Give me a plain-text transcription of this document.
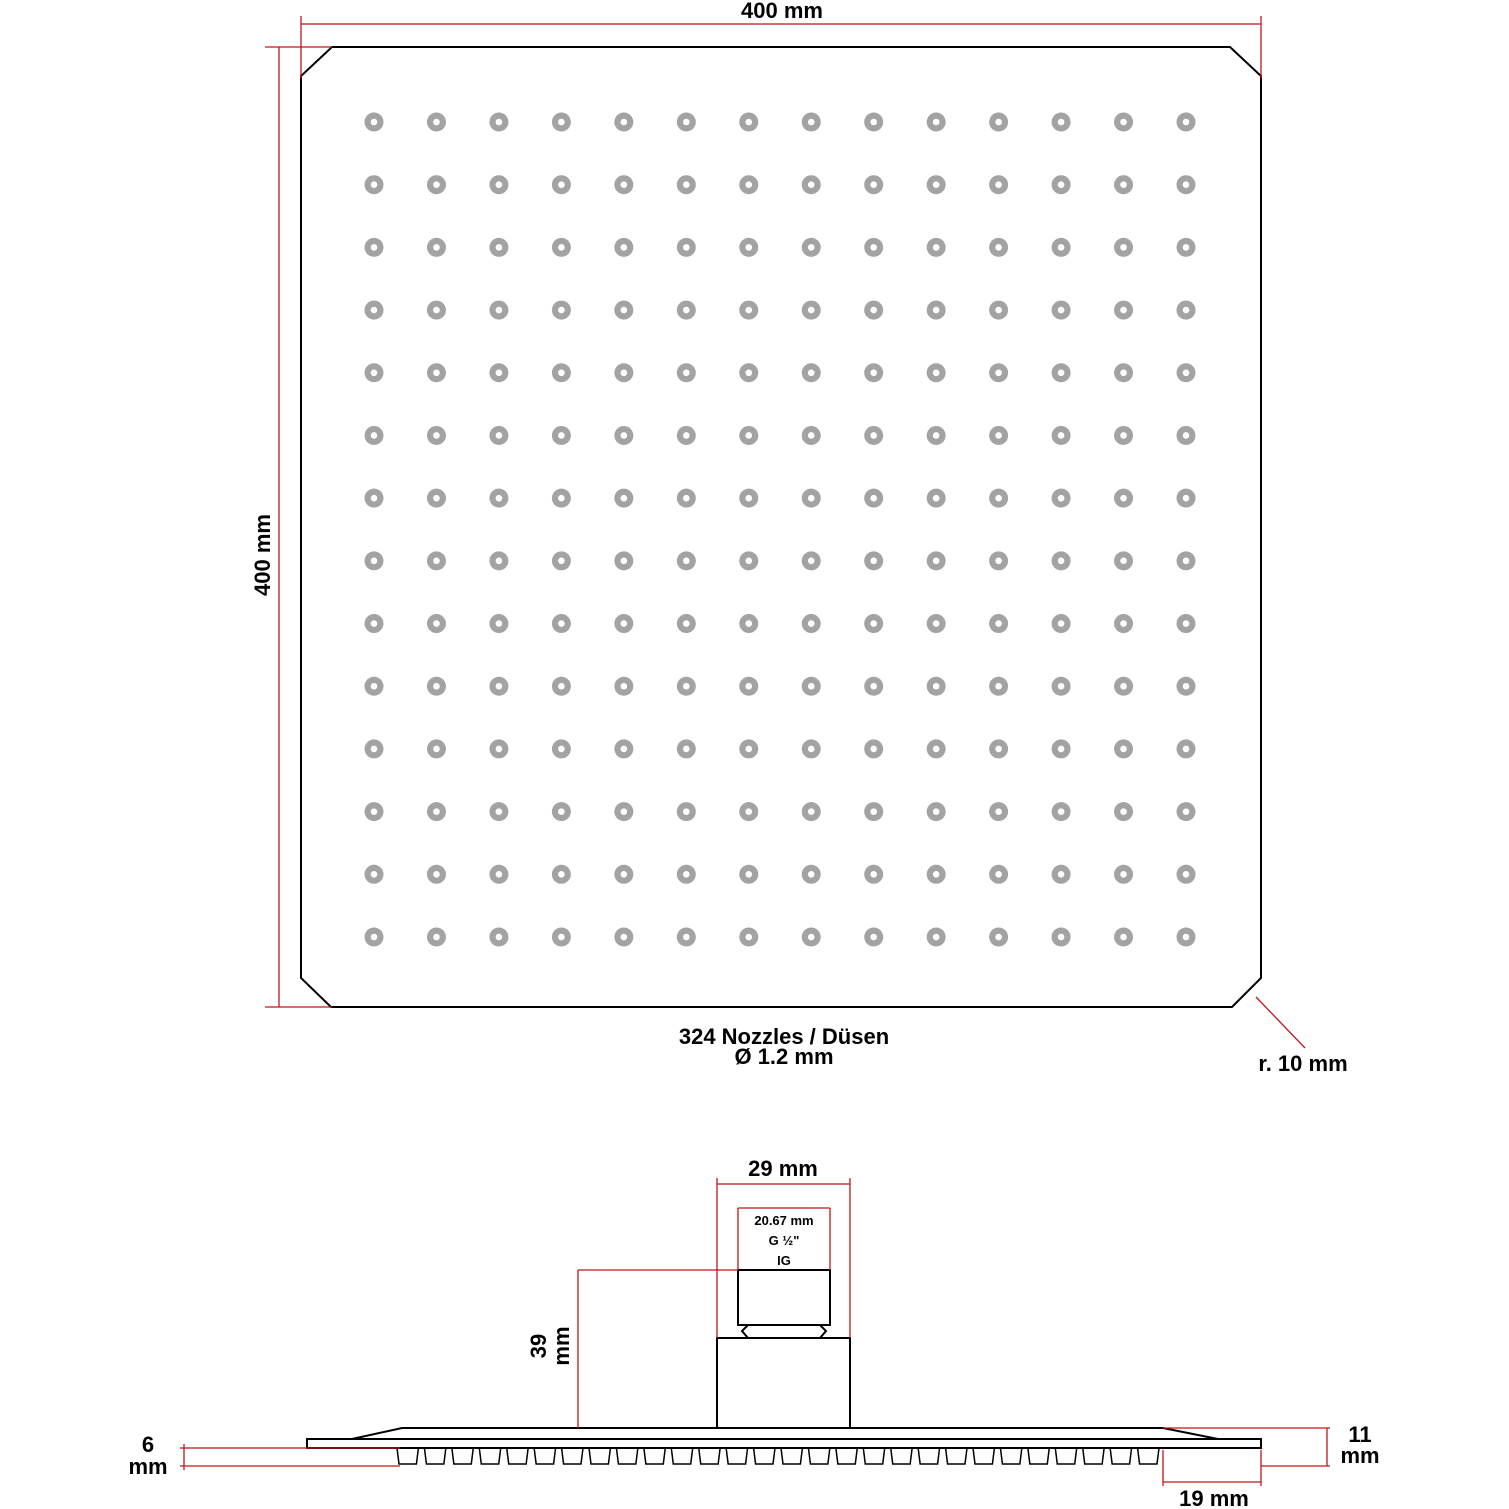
400 mm
400 mm
324 Nozzles / Düsen
Ø 1.2 mm	r. 10 mm
29 mm
20.67 mm
G ½"
IG
39
mm
6
mm
11
mm
19 mm
